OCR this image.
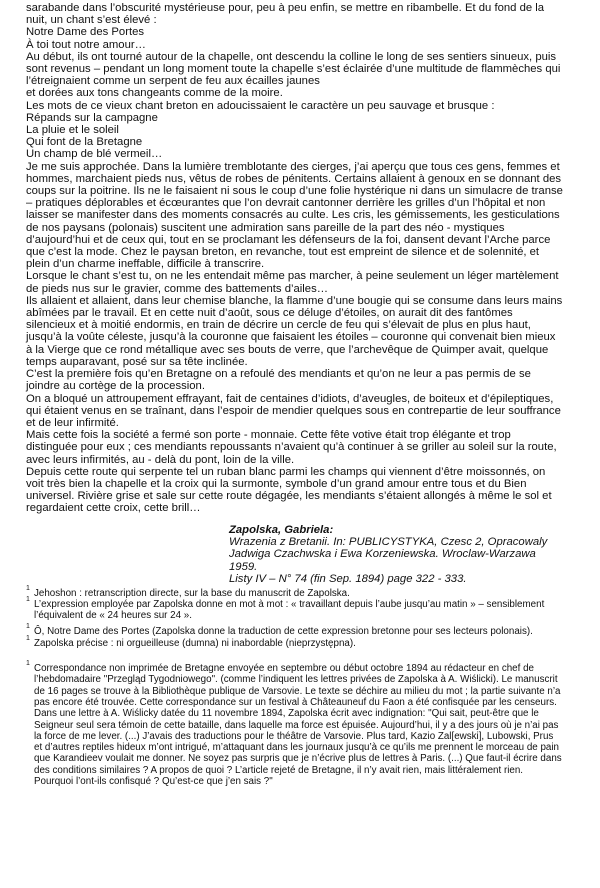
sarabande dans l’obscurité mystérieuse pour, peu à peu enfin, se mettre en ribambelle. Et du fond de la nuit, un chant s’est élevé :

Notre Dame des Portes
À toi tout notre amour…

Au début, ils ont tourné autour de la chapelle, ont descendu la colline le long de ses sentiers sinueux, puis sont revenus – pendant un long moment toute la chapelle s’est éclairée d’une multitude de flammèches qui l’étreignaient comme un serpent de feu aux écailles jaunes
et dorées aux tons changeants comme de la moire.

Les mots de ce vieux chant breton en adoucissaient le caractère un peu sauvage et brusque :

Répands sur la campagne
La pluie et le soleil
Qui font de la Bretagne
Un champ de blé vermeil…

Je me suis approchée. Dans la lumière tremblotante des cierges, j’ai aperçu que tous ces gens, femmes et hommes, marchaient pieds nus, vêtus de robes de pénitents. Certains allaient à genoux en se donnant des coups sur la poitrine. Ils ne le faisaient ni sous le coup d’une folie hystérique ni dans un simulacre de transe – pratiques déplorables et écœurantes que l’on devrait cantonner derrière les grilles d’un l’hôpital et non laisser se manifester dans des moments consacrés au culte. Les cris, les gémissements, les gesticulations de nos paysans (polonais) suscitent une admiration sans pareille de la part des néo - mystiques d’aujourd’hui et de ceux qui, tout en se proclamant les défenseurs de la foi, dansent devant l’Arche parce que c’est la mode. Chez le paysan breton, en revanche, tout est empreint de silence et de solennité, et plein d’un charme ineffable, difficile à transcrire.

Lorsque le chant s’est tu, on ne les entendait même pas marcher, à peine seulement un léger martèlement de pieds nus sur le gravier, comme des battements d’ailes…

Ils allaient et allaient, dans leur chemise blanche, la flamme d’une bougie qui se consume dans leurs mains abîmées par le travail. Et en cette nuit d’août, sous ce déluge d’étoiles, on aurait dit des fantômes silencieux et à moitié endormis, en train de décrire un cercle de feu qui s’élevait de plus en plus haut, jusqu’à la voûte céleste, jusqu’à la couronne que faisaient les étoiles – couronne qui convenait bien mieux à la Vierge que ce rond métallique avec ses bouts de verre, que l’archevêque de Quimper avait, quelque temps auparavant, posé sur sa tête inclinée.

C’est la première fois qu’en Bretagne on a refoulé des mendiants et qu’on ne leur a pas permis de se joindre au cortège de la procession.

On a bloqué un attroupement effrayant, fait de centaines d’idiots, d’aveugles, de boiteux et d’épileptiques, qui étaient venus en se traînant, dans l’espoir de mendier quelques sous en contrepartie de leur souffrance et de leur infirmité.

Mais cette fois la société a fermé son porte - monnaie. Cette fête votive était trop élégante et trop distinguée pour eux ; ces mendiants repoussants n’avaient qu’à continuer à se griller au soleil sur la route, avec leurs infirmités, au - delà du pont, loin de la ville.

Depuis cette route qui serpente tel un ruban blanc parmi les champs qui viennent d’être moissonnés, on voit très bien la chapelle et la croix qui la surmonte, symbole d’un grand amour entre tous et du Bien universel. Rivière grise et sale sur cette route dégagée, les mendiants s’étaient allongés à même le sol et regardaient cette croix, cette brill…

Zapolska, Gabriela:
Wrazenia z Bretanii. In: PUBLICYSTYKA, Czesc 2, Opracowaly
Jadwiga Czachwska i Ewa Korzeniewska. Wroclaw-Warzawa 1959.
Listy IV – N° 74 (fin Sep. 1894) page 322 - 333.

1 Jehoshon : retranscription directe, sur la base du manuscrit de Zapolska.

1 L’expression employée par Zapolska donne en mot à mot : « travaillant depuis l’aube jusqu’au matin » – sensiblement l’équivalent de « 24 heures sur 24 ».

1 Ô, Notre Dame des Portes (Zapolska donne la traduction de cette expression bretonne pour ses lecteurs polonais).

1 Zapolska précise : ni orgueilleuse (dumna) ni inabordable (nieprzystępna).

1 Correspondance non imprimée de Bretagne envoyée en septembre ou début octobre 1894 au rédacteur en chef de l’hebdomadaire "Przegląd Tygodniowego". (comme l’indiquent les lettres privées de Zapolska à A. Wiślicki). Le manuscrit de 16 pages se trouve à la Bibliothèque publique de Varsovie. Le texte se déchire au milieu du mot ; la partie suivante n’a pas encore été trouvée. Cette correspondance sur un festival à Châteauneuf du Faon a été confisquée par les censeurs. Dans une lettre à A. Wiślicky datée du 11 novembre 1894, Zapolska écrit avec indignation: "Qui sait, peut-être que le Seigneur seul sera témoin de cette bataille, dans laquelle ma force est épuisée. Aujourd’hui, il y a des jours où je n’ai pas la force de me lever. (...) J’avais des traductions pour le théâtre de Varsovie. Plus tard, Kazio Zal[ewski], Lubowski, Prus et d’autres reptiles hideux m’ont intrigué, m’attaquant dans les journaux jusqu’à ce qu’ils me prennent le morceau de pain que Karandieev voulait me donner. Ne soyez pas surpris que je n’écrive plus de lettres à Paris. (...) Que faut-il écrire dans des conditions similaires ? A propos de quoi ? L’article rejeté de Bretagne, il n’y avait rien, mais littéralement rien. Pourquoi l’ont-ils confisqué ? Qu’est-ce que j’en sais ?"
